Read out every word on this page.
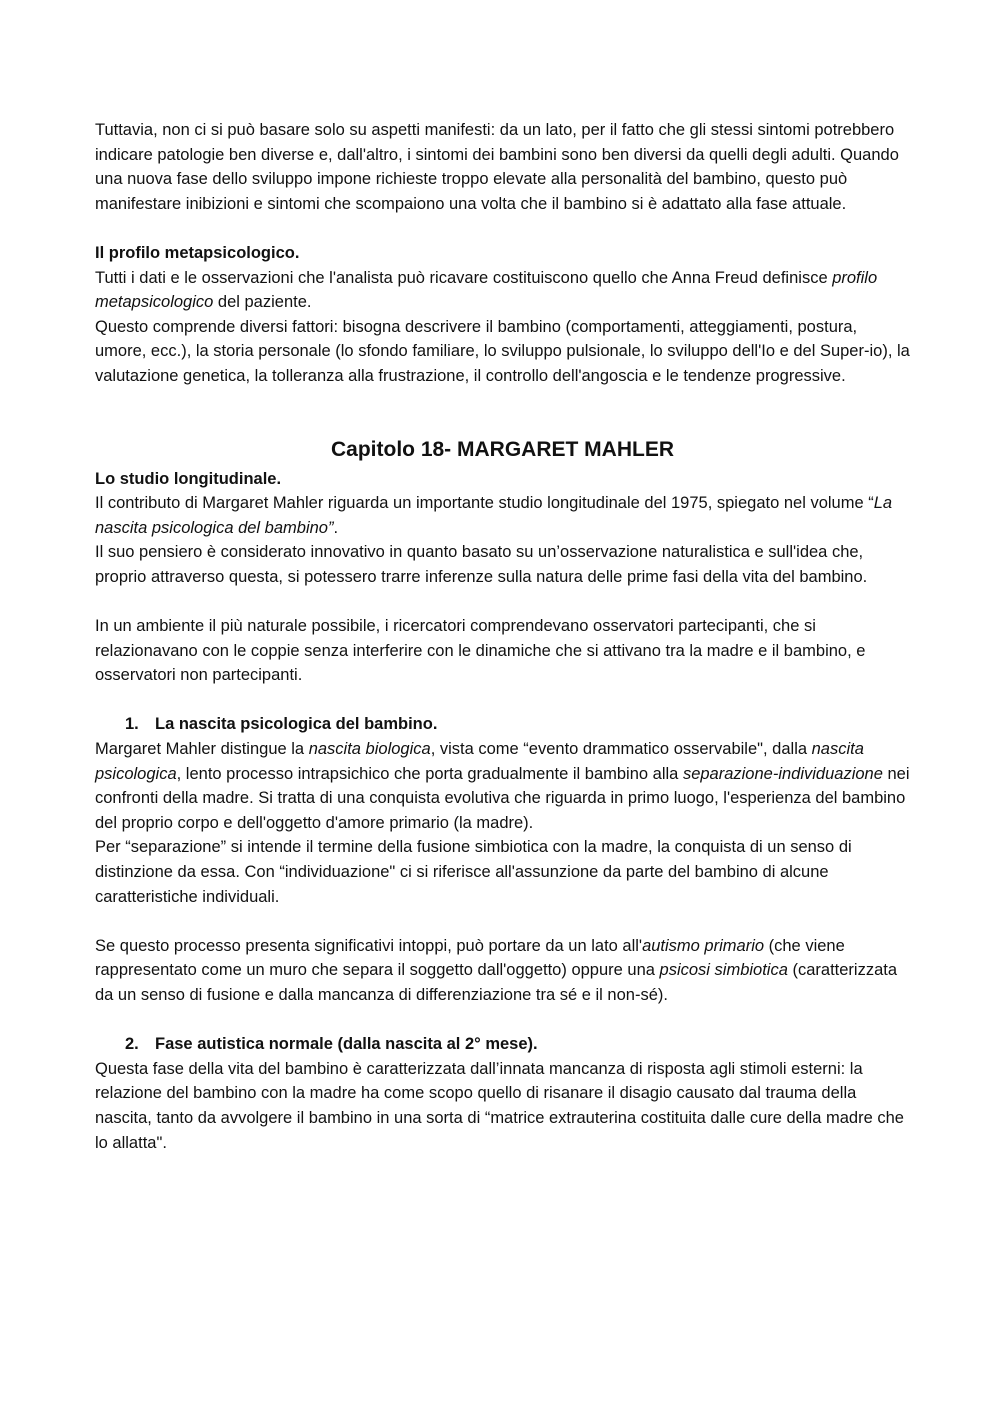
Tuttavia, non ci si può basare solo su aspetti manifesti: da un lato, per il fatto che gli stessi sintomi potrebbero indicare patologie ben diverse e, dall'altro, i sintomi dei bambini sono ben diversi da quelli degli adulti. Quando una nuova fase dello sviluppo impone richieste troppo elevate alla personalità del bambino, questo può manifestare inibizioni e sintomi che scompaiono una volta che il bambino si è adattato alla fase attuale.

Il profilo metapsicologico.

Tutti i dati e le osservazioni che l'analista può ricavare costituiscono quello che Anna Freud definisce profilo metapsicologico del paziente.

Questo comprende diversi fattori: bisogna descrivere il bambino (comportamenti, atteggiamenti, postura, umore, ecc.), la storia personale (lo sfondo familiare, lo sviluppo pulsionale, lo sviluppo dell'Io e del Super-io), la valutazione genetica, la tolleranza alla frustrazione, il controllo dell'angoscia e le tendenze progressive.

Capitolo 18- MARGARET MAHLER

Lo studio longitudinale.

Il contributo di Margaret Mahler riguarda un importante studio longitudinale del 1975, spiegato nel volume “La nascita psicologica del bambino”.

Il suo pensiero è considerato innovativo in quanto basato su un’osservazione naturalistica e sull'idea che, proprio attraverso questa, si potessero trarre inferenze sulla natura delle prime fasi della vita del bambino.

In un ambiente il più naturale possibile, i ricercatori comprendevano osservatori partecipanti, che si relazionavano con le coppie senza interferire con le dinamiche che si attivano tra la madre e il bambino, e osservatori non partecipanti.

1. La nascita psicologica del bambino.

Margaret Mahler distingue la nascita biologica, vista come “evento drammatico osservabile", dalla nascita psicologica, lento processo intrapsichico che porta gradualmente il bambino alla separazione-individuazione nei confronti della madre. Si tratta di una conquista evolutiva che riguarda in primo luogo, l'esperienza del bambino del proprio corpo e dell'oggetto d'amore primario (la madre).

Per “separazione” si intende il termine della fusione simbiotica con la madre, la conquista di un senso di distinzione da essa. Con “individuazione" ci si riferisce all'assunzione da parte del bambino di alcune caratteristiche individuali.

Se questo processo presenta significativi intoppi, può portare da un lato all'autismo primario (che viene rappresentato come un muro che separa il soggetto dall'oggetto) oppure una psicosi simbiotica (caratterizzata da un senso di fusione e dalla mancanza di differenziazione tra sé e il non-sé).

2. Fase autistica normale (dalla nascita al 2° mese).

Questa fase della vita del bambino è caratterizzata dall’innata mancanza di risposta agli stimoli esterni: la relazione del bambino con la madre ha come scopo quello di risanare il disagio causato dal trauma della nascita, tanto da avvolgere il bambino in una sorta di “matrice extrauterina costituita dalle cure della madre che lo allatta".
